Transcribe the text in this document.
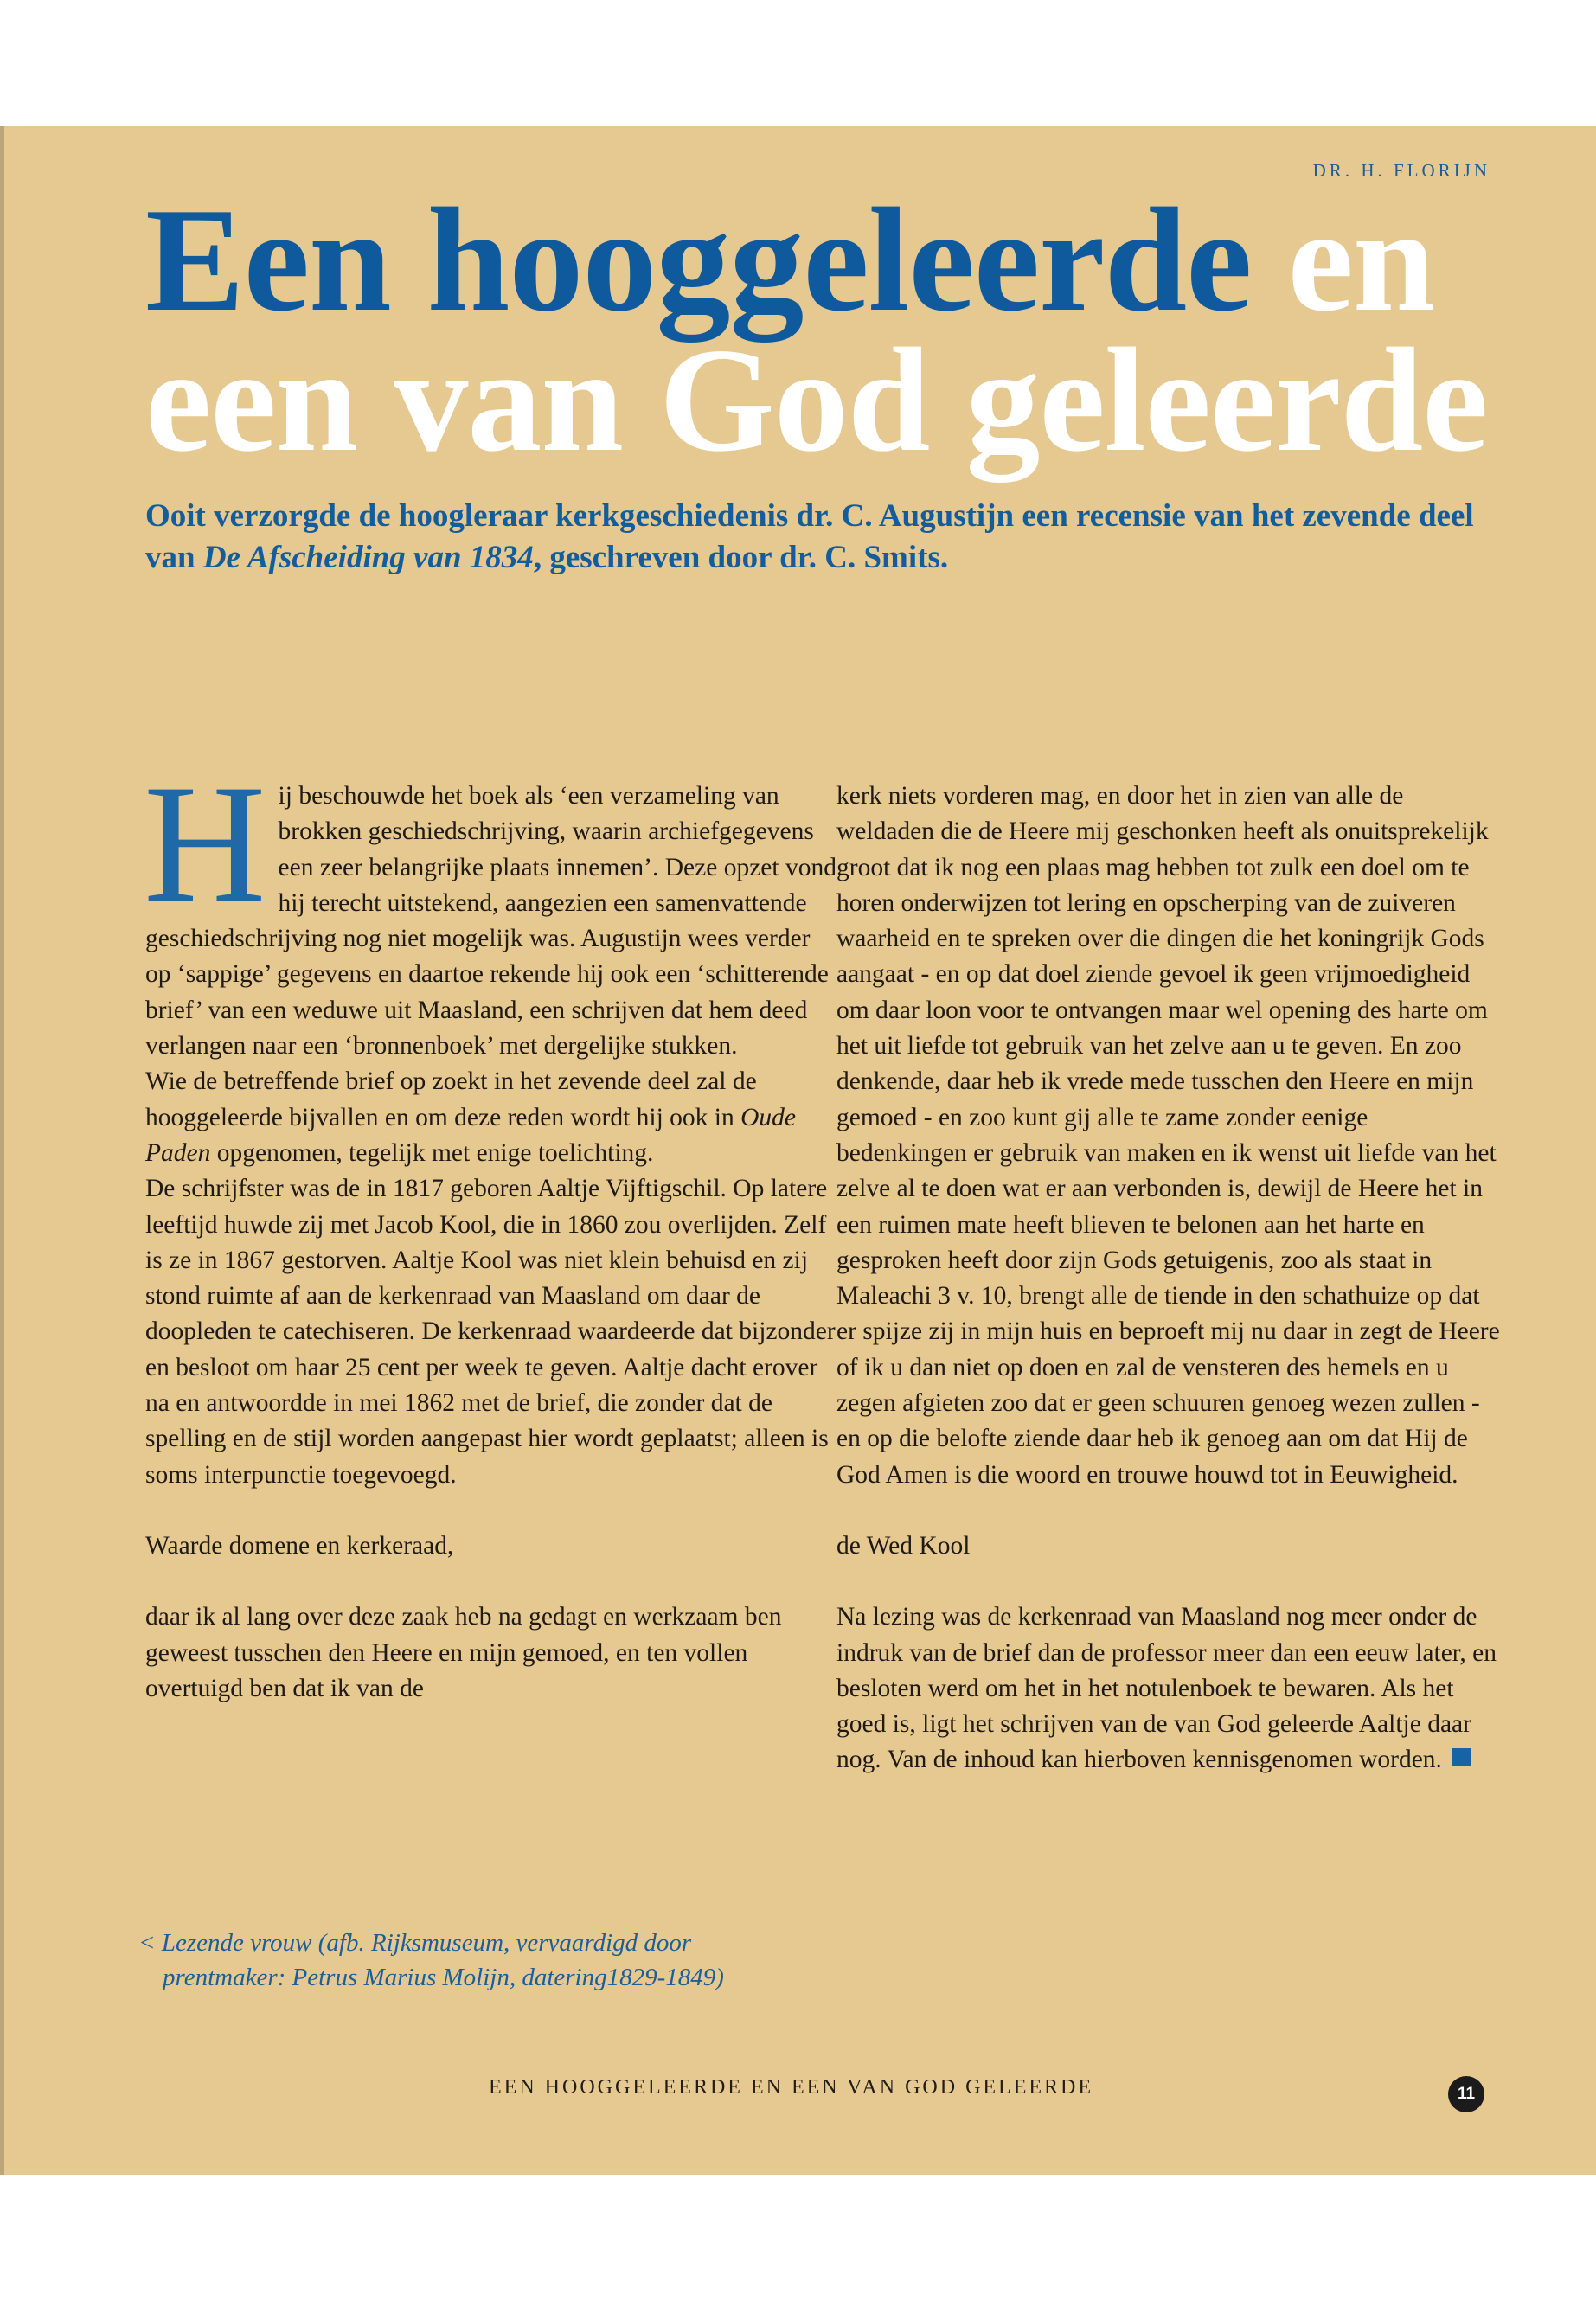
DR. H. FLORIJN
Een hooggeleerde en
een van God geleerde

Ooit verzorgde de hoogleraar kerkgeschiedenis dr. C. Augustijn een recensie van het zevende deel van De Afscheiding van 1834, geschreven door dr. C. Smits.

Hij beschouwde het boek als ‘een verzameling van brokken geschiedschrijving, waarin archiefgegevens een zeer belangrijke plaats innemen’. Deze opzet vond hij terecht uitstekend, aangezien een samenvattende geschiedschrijving nog niet mogelijk was. Augustijn wees verder op ‘sappige’ gegevens en daartoe rekende hij ook een ‘schitterende brief’ van een weduwe uit Maasland, een schrijven dat hem deed verlangen naar een ‘bronnenboek’ met dergelijke stukken.

Wie de betreffende brief op zoekt in het zevende deel zal de hooggeleerde bijvallen en om deze reden wordt hij ook in Oude Paden opgenomen, tegelijk met enige toelichting.

De schrijfster was de in 1817 geboren Aaltje Vijftigschil. Op latere leeftijd huwde zij met Jacob Kool, die in 1860 zou overlijden. Zelf is ze in 1867 gestorven. Aaltje Kool was niet klein behuisd en zij stond ruimte af aan de kerkenraad van Maasland om daar de doopleden te catechiseren. De kerkenraad waardeerde dat bijzonder en besloot om haar 25 cent per week te geven. Aaltje dacht erover na en antwoordde in mei 1862 met de brief, die zonder dat de spelling en de stijl worden aangepast hier wordt geplaatst; alleen is soms interpunctie toegevoegd.

Waarde domene en kerkeraad,

daar ik al lang over deze zaak heb na gedagt en werkzaam ben geweest tusschen den Heere en mijn gemoed, en ten vollen overtuigd ben dat ik van de

< Lezende vrouw (afb. Rijksmuseum, vervaardigd door
prentmaker: Petrus Marius Molijn, datering1829-1849)

kerk niets vorderen mag, en door het in zien van alle de weldaden die de Heere mij geschonken heeft als onuitsprekelijk groot dat ik nog een plaas mag hebben tot zulk een doel om te horen onderwijzen tot lering en opscherping van de zuiveren waarheid en te spreken over die dingen die het koningrijk Gods aangaat - en op dat doel ziende gevoel ik geen vrijmoedigheid om daar loon voor te ontvangen maar wel opening des harte om het uit liefde tot gebruik van het zelve aan u te geven. En zoo denkende, daar heb ik vrede mede tusschen den Heere en mijn gemoed - en zoo kunt gij alle te zame zonder eenige bedenkingen er gebruik van maken en ik wenst uit liefde van het zelve al te doen wat er aan verbonden is, dewijl de Heere het in een ruimen mate heeft blieven te belonen aan het harte en gesproken heeft door zijn Gods getuigenis, zoo als staat in Maleachi 3 v. 10, brengt alle de tiende in den schathuize op dat er spijze zij in mijn huis en beproeft mij nu daar in zegt de Heere of ik u dan niet op doen en zal de vensteren des hemels en u zegen afgieten zoo dat er geen schuuren genoeg wezen zullen - en op die belofte ziende daar heb ik genoeg aan om dat Hij de God Amen is die woord en trouwe houwd tot in Eeuwigheid.

de Wed Kool

Na lezing was de kerkenraad van Maasland nog meer onder de indruk van de brief dan de professor meer dan een eeuw later, en besloten werd om het in het notulenboek te bewaren. Als het goed is, ligt het schrijven van de van God geleerde Aaltje daar nog. Van de inhoud kan hierboven kennisgenomen worden.

EEN HOOGGELEERDE EN EEN VAN GOD GELEERDE	11
